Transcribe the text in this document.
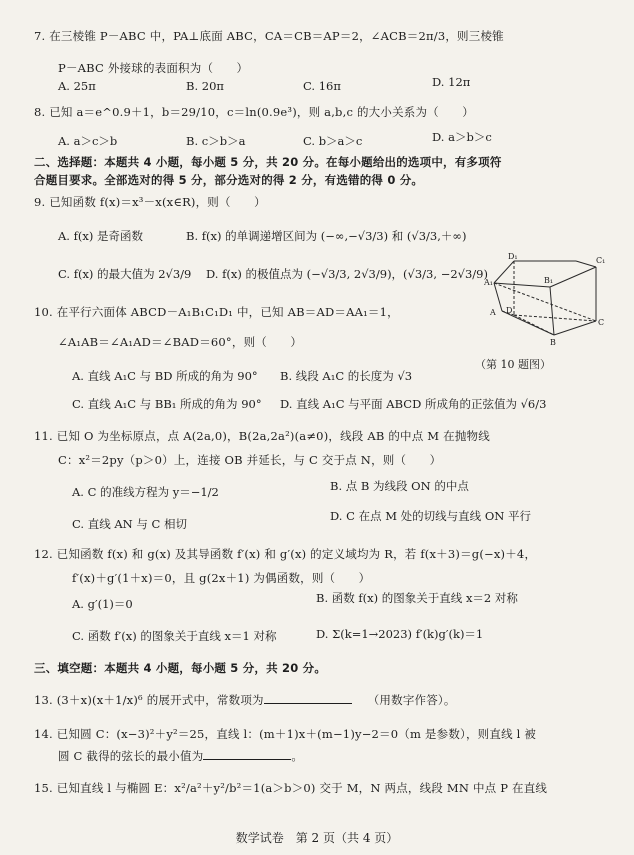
7. 在三棱锥 P－ABC 中，PA⊥底面 ABC，CA＝CB＝AP＝2，∠ACB＝2π/3，则三棱锥
P－ABC 外接球的表面积为（　　）
A. 25π	B. 20π	C. 16π	D. 12π
8. 已知 a＝e^0.9＋1，b＝29/10，c＝ln(0.9e³)，则 a,b,c 的大小关系为（　　）
A. a＞c＞b	B. c＞b＞a	C. b＞a＞c	D. a＞b＞c
二、选择题：本题共 4 小题，每小题 5 分，共 20 分。在每小题给出的选项中，有多项符
合题目要求。全部选对的得 5 分，部分选对的得 2 分，有选错的得 0 分。
9. 已知函数 f(x)＝x³－x(x∈R)，则（　　）
A. f(x) 是奇函数	B. f(x) 的单调递增区间为 (−∞,−√3/3) 和 (√3/3,＋∞)
C. f(x) 的最大值为 2√3/9 D. f(x) 的极值点为 (−√3/3, 2√3/9)，(√3/3, −2√3/9)
D₁	C₁
A₁	B₁
D
C
A
B
（第 10 题图）
10. 在平行六面体 ABCD－A₁B₁C₁D₁ 中，已知 AB＝AD＝AA₁＝1，
∠A₁AB＝∠A₁AD＝∠BAD＝60°，则（　　）
A. 直线 A₁C 与 BD 所成的角为 90° B. 线段 A₁C 的长度为 √3
C. 直线 A₁C 与 BB₁ 所成的角为 90° D. 直线 A₁C 与平面 ABCD 所成角的正弦值为 √6/3
11. 已知 O 为坐标原点，点 A(2a,0)，B(2a,2a²)(a≠0)，线段 AB 的中点 M 在抛物线
C：x²＝2py（p＞0）上，连接 OB 并延长，与 C 交于点 N，则（　　）
A. C 的准线方程为 y＝−1/2	B. 点 B 为线段 ON 的中点
C. 直线 AN 与 C 相切
D. C 在点 M 处的切线与直线 ON 平行
12. 已知函数 f(x) 和 g(x) 及其导函数 f′(x) 和 g′(x) 的定义域均为 R，若 f(x＋3)＝g(−x)＋4，
f′(x)＋g′(1＋x)＝0，且 g(2x＋1) 为偶函数，则（　　）
A. g′(1)＝0	B. 函数 f(x) 的图象关于直线 x＝2 对称
C. 函数 f′(x) 的图象关于直线 x＝1 对称	D. Σ(k=1→2023) f′(k)g′(k)＝1
三、填空题：本题共 4 小题，每小题 5 分，共 20 分。
13. (3＋x)(x＋1/x)⁶ 的展开式中，常数项为	（用数字作答）。
14. 已知圆 C：(x−3)²＋y²＝25，直线 l：(m＋1)x＋(m−1)y−2＝0（m 是参数），则直线 l 被
圆 C 截得的弦长的最小值为	。
15. 已知直线 l 与椭圆 E：x²/a²＋y²/b²＝1(a＞b＞0) 交于 M，N 两点，线段 MN 中点 P 在直线
数学试卷　第 2 页（共 4 页）
